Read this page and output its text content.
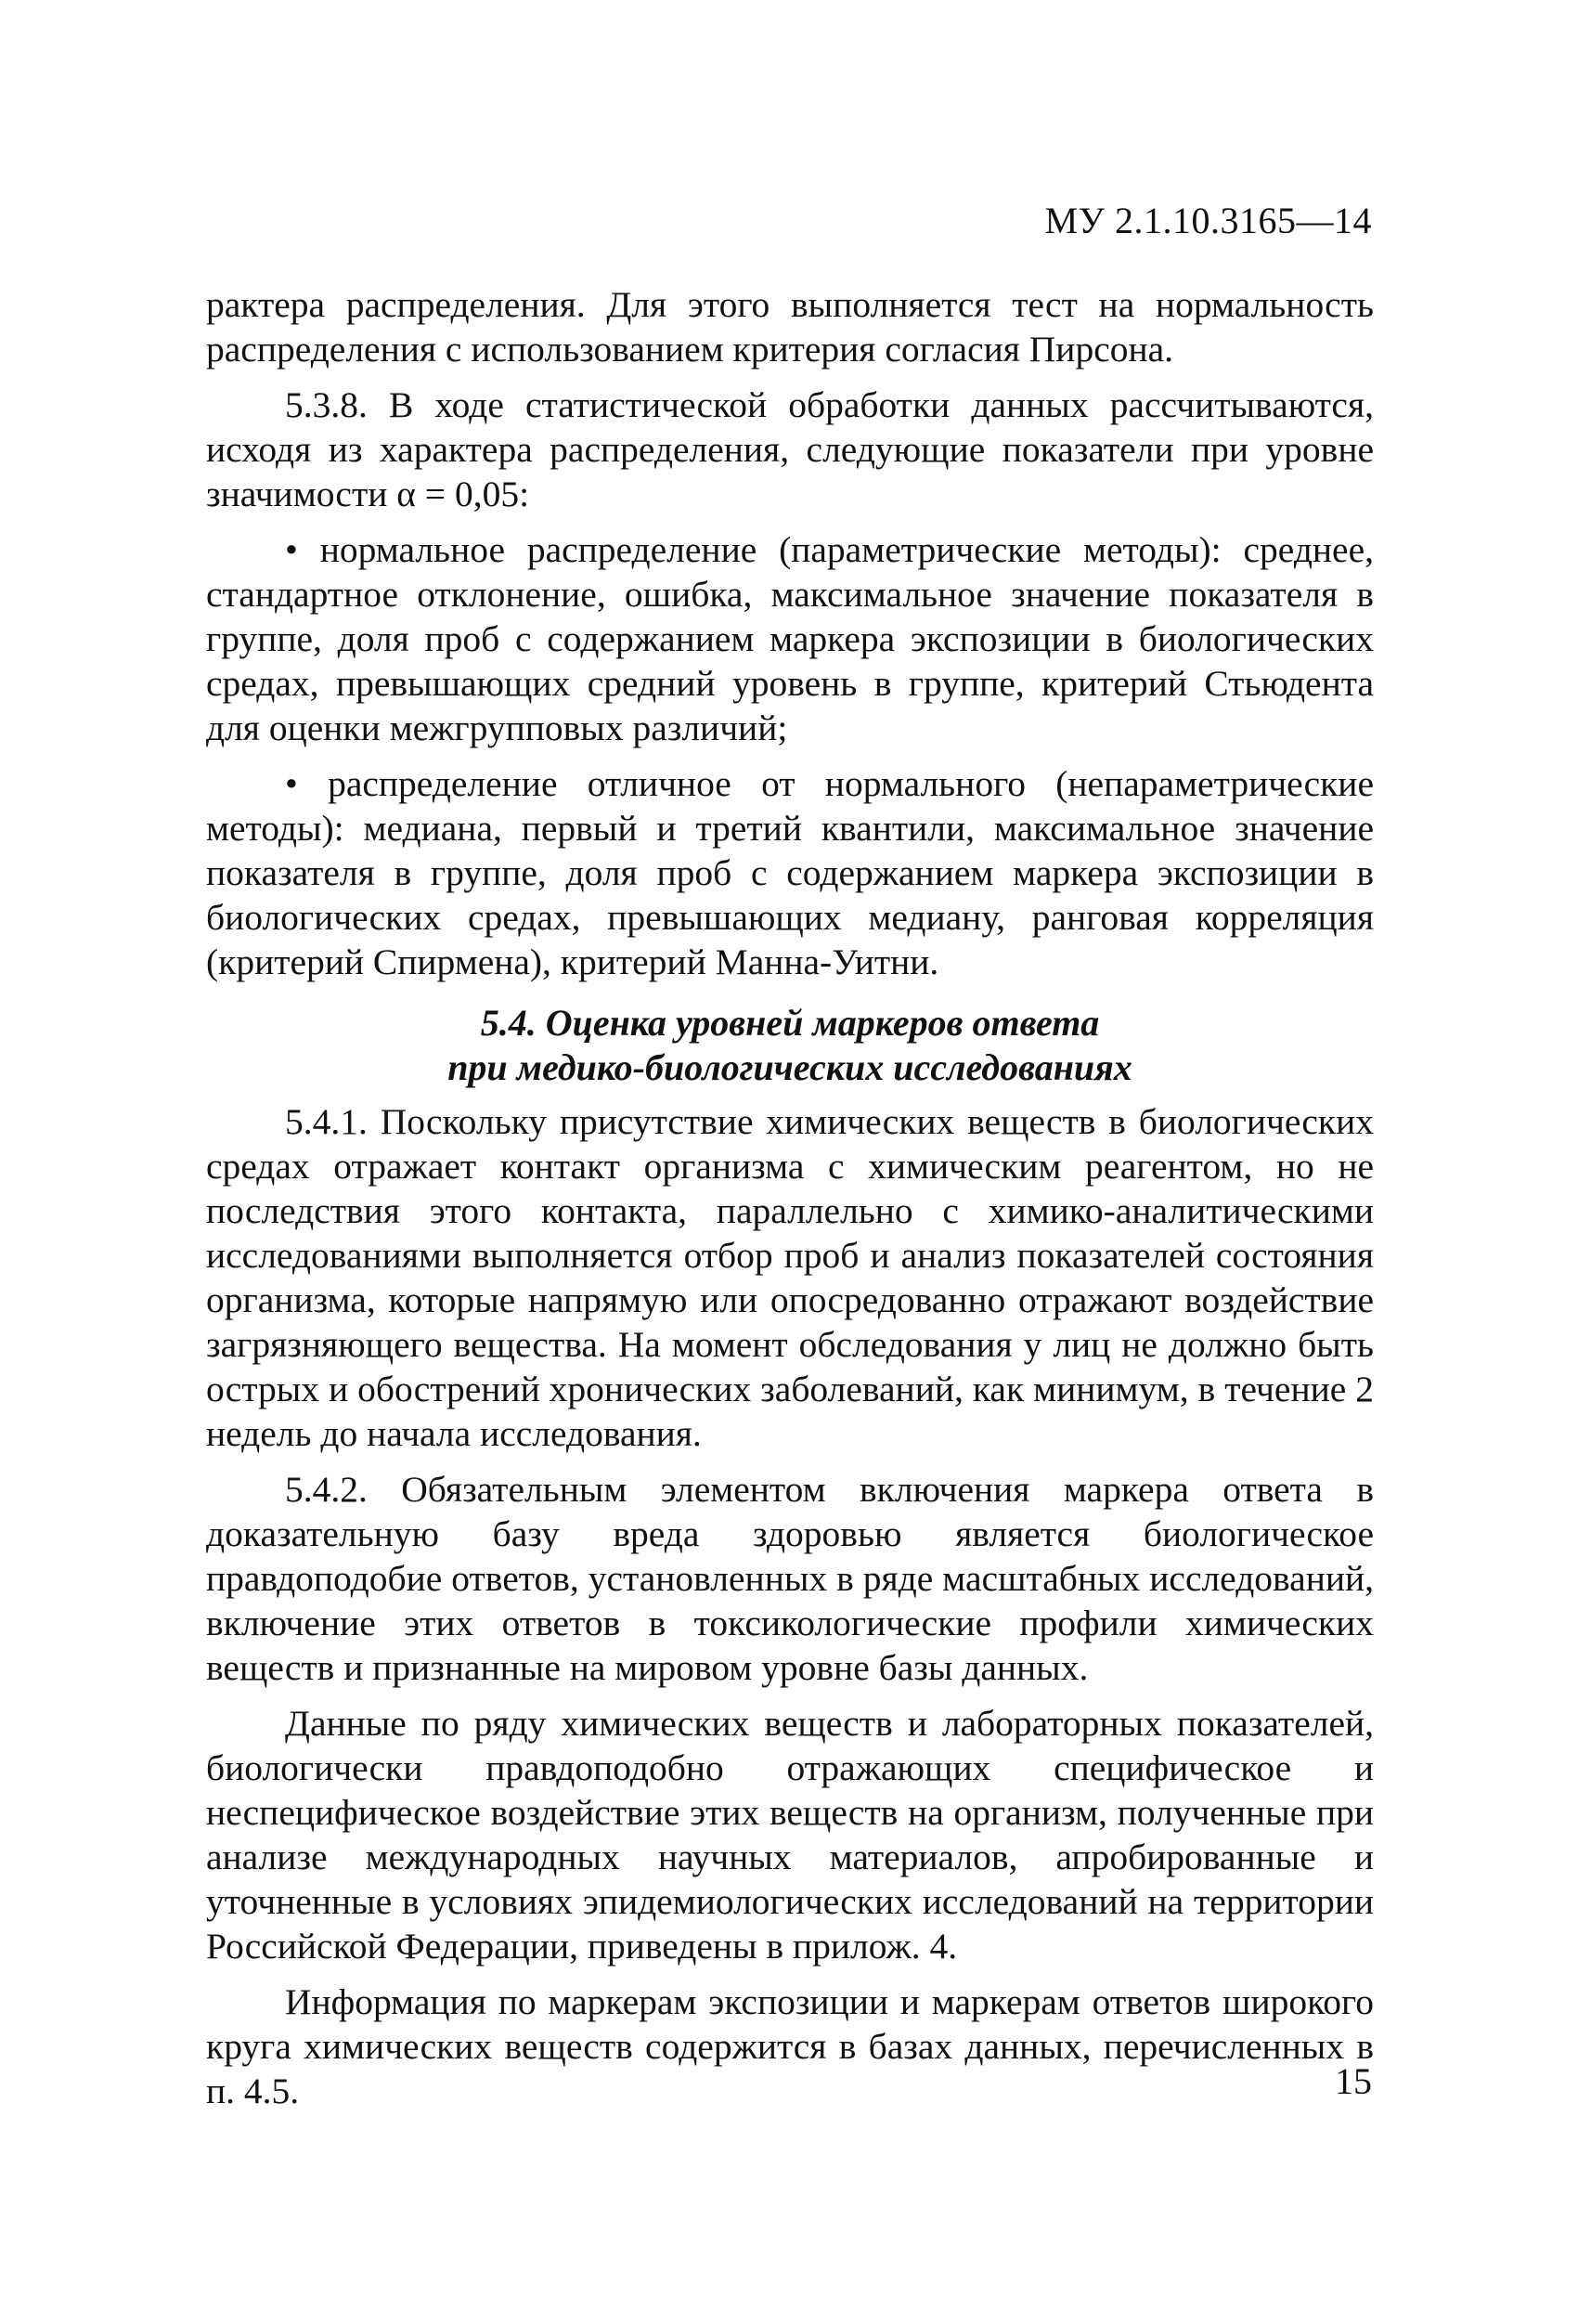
МУ 2.1.10.3165—14

рактера распределения. Для этого выполняется тест на нормальность распределения с использованием критерия согласия Пирсона.

5.3.8. В ходе статистической обработки данных рассчитываются, исходя из характера распределения, следующие показатели при уровне значимости α = 0,05:

• нормальное распределение (параметрические методы): среднее, стандартное отклонение, ошибка, максимальное значение показателя в группе, доля проб с содержанием маркера экспозиции в биологических средах, превышающих средний уровень в группе, критерий Стьюдента для оценки межгрупповых различий;

• распределение отличное от нормального (непараметрические методы): медиана, первый и третий квантили, максимальное значение показателя в группе, доля проб с содержанием маркера экспозиции в биологических средах, превышающих медиану, ранговая корреляция (критерий Спирмена), критерий Манна-Уитни.

5.4. Оценка уровней маркеров ответа
при медико-биологических исследованиях

5.4.1. Поскольку присутствие химических веществ в биологических средах отражает контакт организма с химическим реагентом, но не последствия этого контакта, параллельно с химико-аналитическими исследованиями выполняется отбор проб и анализ показателей состояния организма, которые напрямую или опосредованно отражают воздействие загрязняющего вещества. На момент обследования у лиц не должно быть острых и обострений хронических заболеваний, как минимум, в течение 2 недель до начала исследования.

5.4.2. Обязательным элементом включения маркера ответа в доказательную базу вреда здоровью является биологическое правдоподобие ответов, установленных в ряде масштабных исследований, включение этих ответов в токсикологические профили химических веществ и признанные на мировом уровне базы данных.

Данные по ряду химических веществ и лабораторных показателей, биологически правдоподобно отражающих специфическое и неспецифическое воздействие этих веществ на организм, полученные при анализе международных научных материалов, апробированные и уточненные в условиях эпидемиологических исследований на территории Российской Федерации, приведены в прилож. 4.

Информация по маркерам экспозиции и маркерам ответов широкого круга химических веществ содержится в базах данных, перечисленных в п. 4.5.	15
